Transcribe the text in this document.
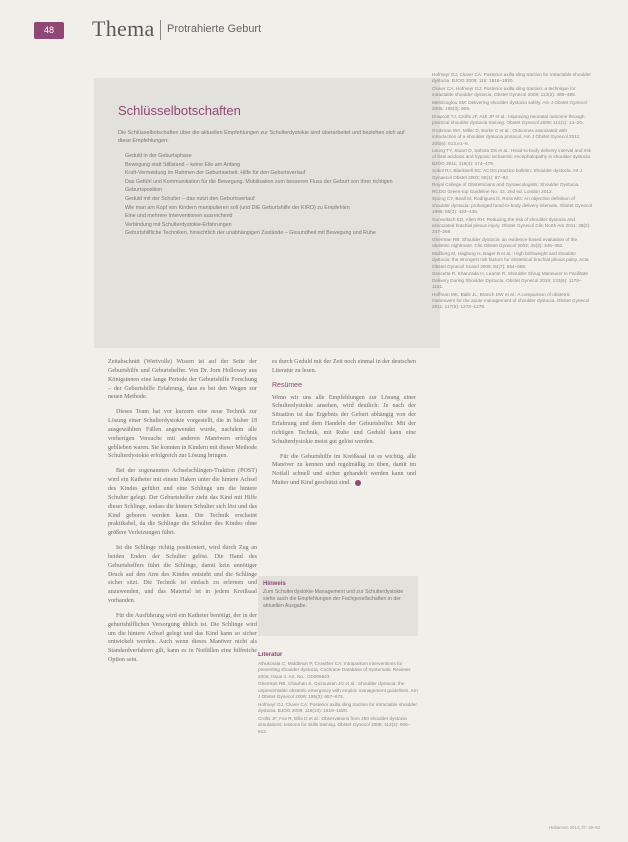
48	Thema Protrahierte Geburt
Schlüsselbotschaften
Die Schlüsselbotschaften über die aktuellen Empfehlungen zur Schulterdystokie sind überarbeitet und beziehen sich auf diese Empfehlungen:
Geduld in der Geburtsphase
Bewegung statt Stillstand – keine Eile am Anfang
Kraft-Vermeidung im Rahmen der Geburtsarbeit. Hilfe für den Geburtsverlauf
Das Gefühl und Kommunikation für die Bewegung. Mobilisation zum besseren Fluss der Geburt von ihrer richtigen Geburtsposition
Geduld mit der Schulter – das nutzt den Geburtsverlauf
Wie man am Kopf von Kindern manipulieren soll (und DIE Geburtshilfe der KIRO) zu Empfehlen
Eine und mehrere Interventionen ausreichend
Verbindung mit Schulterdystokie-Erfahrungen
Geburtshilfliche Techniken, hinsichtlich der unabhängigen Zustände – Gesundheit mit Bewegung und Ruhe

Zeitabschnitt (Wertvolle) Wissen ist auf der Seite der Geburtshilfe und Geburtshelfer. Von Dr. Jorn Holloway aus Königsinnen eine lange Periode der Geburtshilfe Forschung – der Geburtshilfe Erfahrung, dass es bei den Wegen zur neuen Methode.

Dieses Team hat vor kurzem eine neue Technik zur Lösung einer Schulterdystokie vorgestellt, die in bisher 18 ausgewählten Fällen angewendet wurde, nachdem alle vorherigen Versuche mit anderen Manövern erfolglos geblieben waren. Sie konnten in Kindern mit dieser Methode Schulterdystokie erfolgreich zur Lösung bringen.

Bei der sogenannten Achselschlingen-Traktion (POST) wird ein Katheter mit einem Haken unter die hintere Achsel des Kindes geführt und eine Schlinge um die hintere Schulter gelegt. Der Geburtshelfer zieht das Kind mit Hilfe dieser Schlinge, sodass die hintere Schulter sich löst und das Kind geboren werden kann. Die Technik erscheint praktikabel, da die Schlinge die Schulter des Kindes ohne größere Verletzungen führt.

Ist die Schlinge richtig positioniert, wird durch Zug an beiden Enden der Schulter gelöst. Die Hand des Geburtshelfers führt die Schlinge, damit kein unnötiger Druck auf den Arm des Kindes entsteht und die Schlinge sicher sitzt. Die Technik ist einfach zu erlernen und anzuwenden, und das Material ist in jedem Kreißsaal vorhanden.

Für die Ausführung wird ein Katheter benötigt, der in der geburtshilflichen Versorgung üblich ist. Die Schlinge wird um die hintere Achsel gelegt und das Kind kann so sicher entwickelt werden. Auch wenn dieses Manöver nicht als Standardverfahren gilt, kann es in Notfällen eine hilfreiche Option sein.

es durch Geduld mit der Zeit noch einmal in der deutschen Literatur zu lesen.

Resümee

Wenn wir uns alle Empfehlungen zur Lösung einer Schulterdystokie ansehen, wird deutlich: Je nach der Situation ist das Ergebnis der Geburt abhängig von der Erfahrung und dem Handeln der Geburtshelfer. Mit der richtigen Technik, mit Ruhe und Geduld kann eine Schulterdystokie meist gut gelöst werden.

Für die Geburtshilfe im Kreißsaal ist es wichtig, alle Manöver zu kennen und regelmäßig zu üben, damit im Notfall schnell und sicher gehandelt werden kann und Mutter und Kind geschützt sind.

Hinweis
Zum Schulterdystokie-Management und zur Schulterdystokie siehe auch die Empfehlungen der Fachgesellschaften in der aktuellen Ausgabe.
Literatur
Athukorala C, Middleton P, Crowther CA: Intrapartum interventions for preventing shoulder dystocia. Cochrane Database of Systematic Reviews 2006, Issue 4. Art. No.: CD005543.
Gherman RB, Chauhan S, Ouzounian JG et al.: Shoulder dystocia: the unpreventable obstetric emergency with empiric management guidelines. Am J Obstet Gynecol 2006; 195(3): 657–672.
Hofmeyr GJ, Cluver CA: Posterior axilla sling traction for intractable shoulder dystocia. BJOG 2009; 116(13): 1818–1820.
Crofts JF, Fox R, Ellis D et al.: Observations from 450 shoulder dystocia simulations: lessons for skills training. Obstet Gynecol 2008; 112(4): 906–912.
Hofmeyr GJ, Cluver CA: Posterior axilla sling traction for intractable shoulder dystocia. BJOG 2009; 116: 1818–1820.
Cluver CA, Hofmeyr GJ: Posterior axilla sling traction: a technique for intractable shoulder dystocia. Obstet Gynecol 2009; 113(2): 486–488.
Menticoglou SM: Delivering shoulder dystocia safely. Am J Obstet Gynecol 2006; 195(3): 909.
Draycott TJ, Crofts JF, Ash JP et al.: Improving neonatal outcome through practical shoulder dystocia training. Obstet Gynecol 2008; 112(1): 14–20.
Grobman WA, Miller D, Burke C et al.: Outcomes associated with introduction of a shoulder dystocia protocol. Am J Obstet Gynecol 2011; 205(6): 513.e1–6.
Leung TY, Stuart O, Sahota DS et al.: Head-to-body delivery interval and risk of fetal acidosis and hypoxic ischaemic encephalopathy in shoulder dystocia. BJOG 2011; 118(4): 474–479.
Sokol RJ, Blackwell SC: ACOG practice bulletin: Shoulder dystocia. Int J Gynaecol Obstet 2003; 80(1): 87–92.
Royal College of Obstetricians and Gynaecologists: Shoulder Dystocia. RCOG Green-top Guideline No. 42. 2nd ed. London 2012.
Spong CY, Beall M, Rodrigues D, Ross MG: An objective definition of shoulder dystocia: prolonged head-to-body delivery intervals. Obstet Gynecol 1995; 86(3): 433–436.
Gurewitsch ED, Allen RH: Reducing the risk of shoulder dystocia and associated brachial plexus injury. Obstet Gynecol Clin North Am 2011; 38(2): 247–269.
Gherman RB: Shoulder dystocia: an evidence-based evaluation of the obstetric nightmare. Clin Obstet Gynecol 2002; 45(2): 345–362.
Mollberg M, Hagberg H, Bager B et al.: High birthweight and shoulder dystocia: the strongest risk factors for obstetrical brachial plexus palsy. Acta Obstet Gynecol Scand 2005; 84(7): 654–659.
Sancetta R, Khanzada H, Leante R: Shoulder Shrug Maneuver to Facilitate Delivery During Shoulder Dystocia. Obstet Gynecol 2019; 133(6): 1178–1181.
Hoffman MK, Bailit JL, Branch DW et al.: A comparison of obstetric maneuvers for the acute management of shoulder dystocia. Obstet Gynecol 2011; 117(6): 1272–1278.
Hebamme 2014; 27: 48–53
